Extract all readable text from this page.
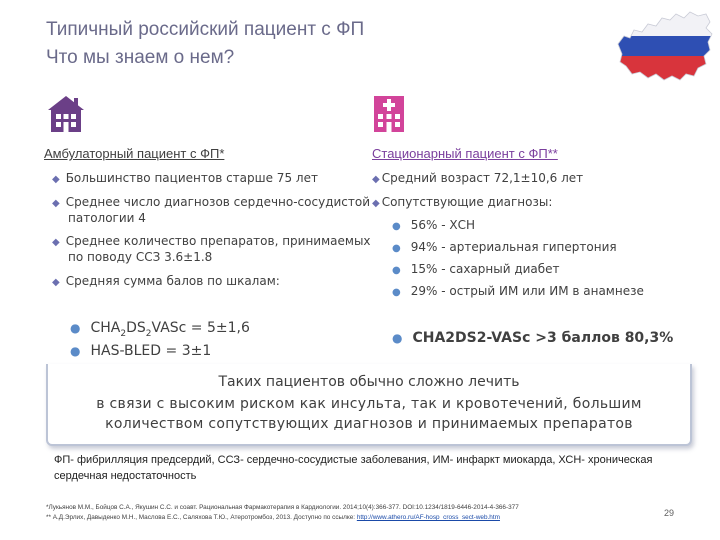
Типичный российский пациент с ФП
Что мы знаем о нем?
Амбулаторный пациент с ФП*	Стационарный пациент с ФП**
◆ Большинство пациентов старше 75 лет
◆ Среднее число диагнозов сердечно-сосудистой
патологии 4
◆ Среднее количество препаратов, принимаемых
по поводу ССЗ 3.6±1.8
◆ Средняя сумма балов по шкалам:
● $CHA_2DS_2VASc = 5\pm 1,6$
● HAS-BLED = 3±1
◆ Средний возраст 72,1±10,6 лет
◆ Сопутствующие диагнозы:
● 56% - ХСН
● 94% - артериальная гипертония
● 15% - сахарный диабет
● 29% - острый ИМ или ИМ в анамнезе
● CHA2DS2-VASc >3 баллов 80,3%
Таких пациентов обычно сложно лечить
в связи с высоким риском как инсульта, так и кровотечений, большим
количеством сопутствующих диагнозов и принимаемых препаратов
ФП- фибрилляция предсердий, ССЗ- сердечно-сосудистые заболевания, ИМ- инфаркт миокарда, ХСН- хроническая сердечная недостаточность
*Лукьянов М.М., Бойцов С.А., Якушин С.С. и соавт. Рациональная Фармакотерапия в Кардиологии. 2014;10(4):366-377. DOI:10.1234/1819-6446-2014-4-366-377
** А.Д.Эрлих, Давыденко М.Н., Маслова Е.С., Саляхова Т.Ю., Атеротромбоз, 2013. Доступно по ссылке: http://www.athero.ru/AF-hosp_cross_sect-web.htm	29
